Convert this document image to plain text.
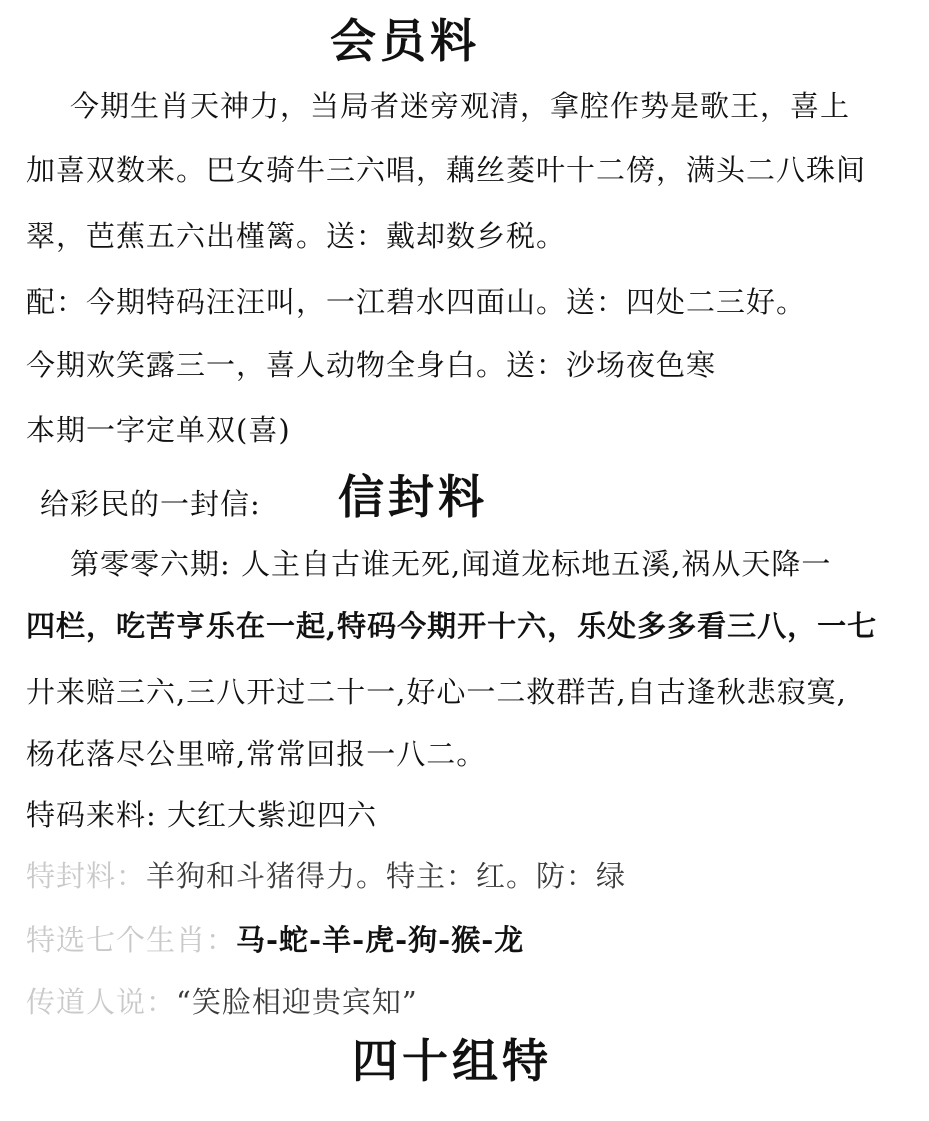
会员料
今期生肖天神力，当局者迷旁观清，拿腔作势是歌王，喜上
加喜双数来。巴女骑牛三六唱，藕丝菱叶十二傍，满头二八珠间
翠，芭蕉五六出槿篱。送：戴却数乡税。
配：今期特码汪汪叫，一江碧水四面山。送：四处二三好。
今期欢笑露三一，喜人动物全身白。送：沙场夜色寒
本期一字定单双(喜)
给彩民的一封信: 信封料
第零零六期: 人主自古谁无死,闻道龙标地五溪,祸从天降一
四栏，吃苦亨乐在一起,特码今期开十六，乐处多多看三八，一七
廾来赔三六,三八开过二十一,好心一二救群苦,自古逢秋悲寂寞,
杨花落尽公里啼,常常回报一八二。
特码来料: 大红大紫迎四六
特封料：羊狗和斗猪得力。特主：红。防：绿
特选七个生肖：马-蛇-羊-虎-狗-猴-龙
传道人说：“笑脸相迎贵宾知”
四十组特
